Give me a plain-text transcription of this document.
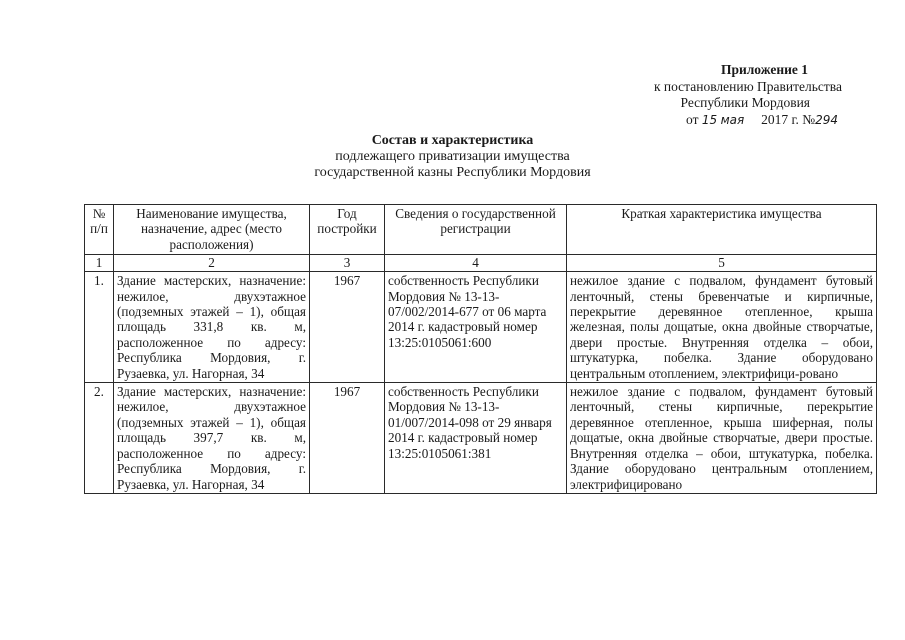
Приложение 1
к постановлению Правительства
Республики Мордовия
от 15 мая 2017 г. №294
Состав и характеристика
подлежащего приватизации имущества
государственной казны Республики Мордовия
№ п/п	Наименование имущества, назначение, адрес (место расположения)	Год постройки	Сведения о государственной регистрации	Краткая характеристика имущества
1	2	3	4	5
1.	Здание мастерских, назначение: нежилое, двухэтажное (подземных этажей – 1), общая площадь 331,8 кв. м, расположенное по адресу: Республика Мордовия, г. Рузаевка, ул. Нагорная, 34	1967	собственность Республики Мордовия № 13-13-07/002/2014-677 от 06 марта 2014 г. кадастровый номер 13:25:0105061:600	нежилое здание с подвалом, фундамент бутовый ленточный, стены бревенчатые и кирпичные, перекрытие деревянное отепленное, крыша железная, полы дощатые, окна двойные створчатые, двери простые. Внутренняя отделка – обои, штукатурка, побелка. Здание оборудовано центральным отоплением, электрифици-ровано
2.	Здание мастерских, назначение: нежилое, двухэтажное (подземных этажей – 1), общая площадь 397,7 кв. м, расположенное по адресу: Республика Мордовия, г. Рузаевка, ул. Нагорная, 34	1967	собственность Республики Мордовия № 13-13-01/007/2014-098 от 29 января 2014 г. кадастровый номер 13:25:0105061:381	нежилое здание с подвалом, фундамент бутовый ленточный, стены кирпичные, перекрытие деревянное отепленное, крыша шиферная, полы дощатые, окна двойные створчатые, двери простые. Внутренняя отделка – обои, штукатурка, побелка. Здание оборудовано центральным отоплением, электрифицировано
